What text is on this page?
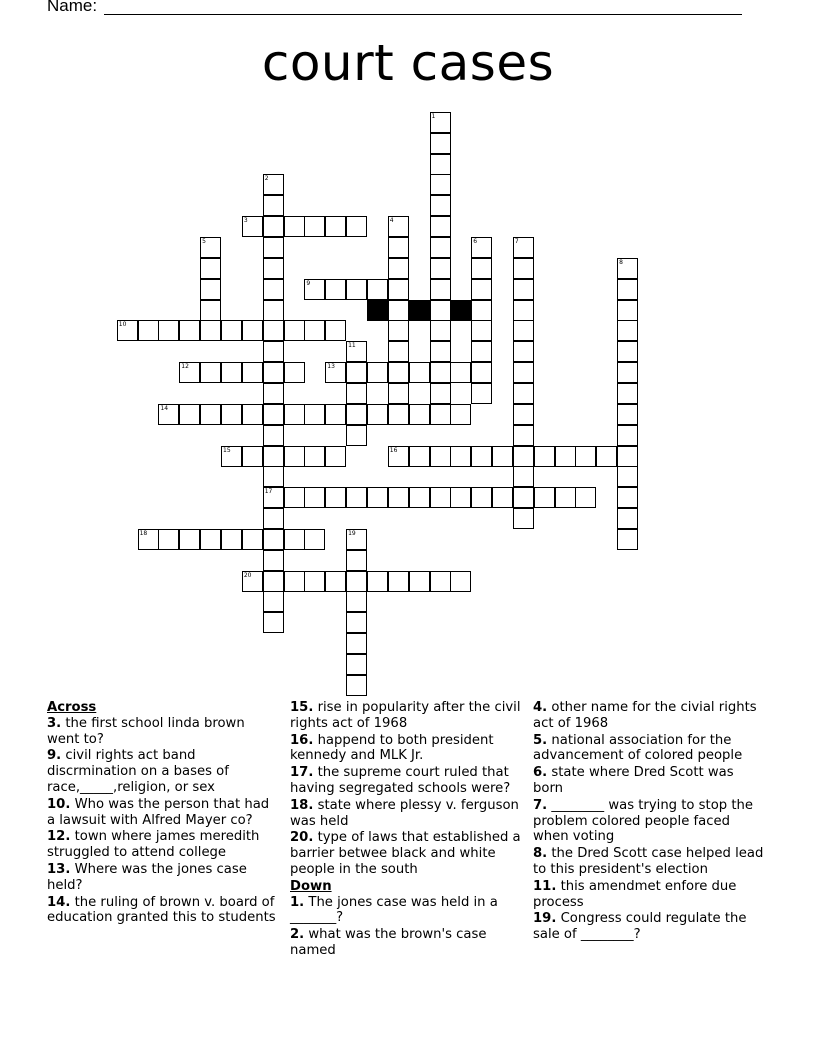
Name:
court cases
1
2
17
3	4
5	6	7
8
9
10
11
12	13
14
15	16
18	19
20
Across
3. the first school linda brown went to?
9. civil rights act band discrmination on a bases of race,_____,religion, or sex
10. Who was the person that had a lawsuit with Alfred Mayer co?
12. town where james meredith struggled to attend college
13. Where was the jones case held?
14. the ruling of brown v. board of education granted this to students
15. rise in popularity after the civil rights act of 1968
16. happend to both president kennedy and MLK Jr.
17. the supreme court ruled that having segregated schools were?
18. state where plessy v. ferguson was held
20. type of laws that established a barrier betwee black and white people in the south
Down
1. The jones case was held in a _______?
2. what was the brown's case named
4. other name for the civial rights act of 1968
5. national association for the advancement of colored people
6. state where Dred Scott was born
7. ________ was trying to stop the problem colored people faced when voting
8. the Dred Scott case helped lead to this president's election
11. this amendmet enfore due process
19. Congress could regulate the sale of ________?
